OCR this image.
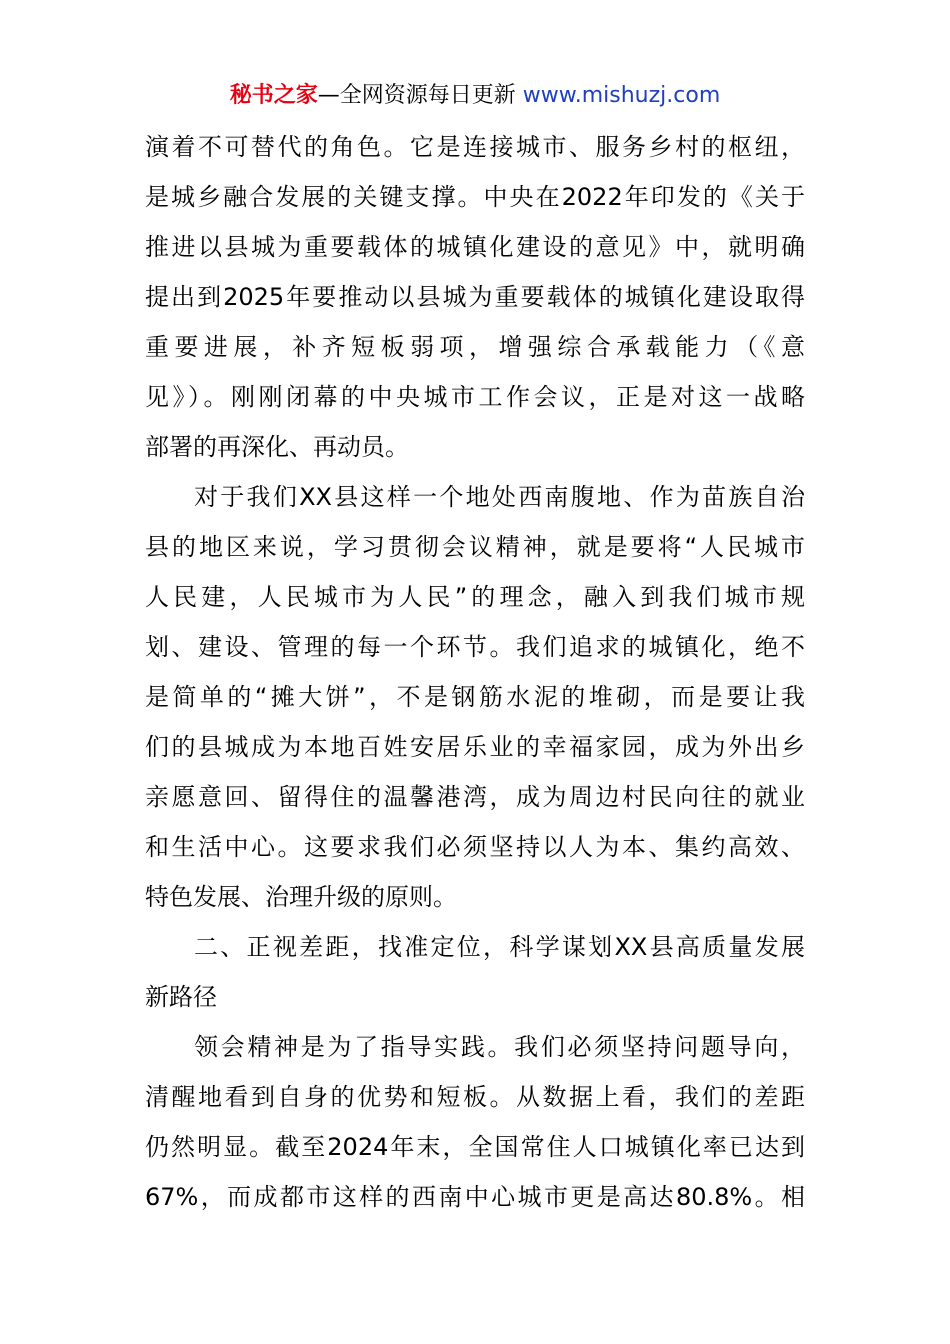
秘书之家—全网资源每日更新 www.mishuzj.com
演着不可替代的角色。它是连接城市、服务乡村的枢纽，
是城乡融合发展的关键支撑。中央在2022年印发的《关于
推进以县城为重要载体的城镇化建设的意见》中，就明确
提出到2025年要推动以县城为重要载体的城镇化建设取得
重要进展，补齐短板弱项，增强综合承载能力（《意
见》）。刚刚闭幕的中央城市工作会议，正是对这一战略
部署的再深化、再动员。
对于我们XX县这样一个地处西南腹地、作为苗族自治
县的地区来说，学习贯彻会议精神，就是要将“人民城市
人民建，人民城市为人民”的理念，融入到我们城市规
划、建设、管理的每一个环节。我们追求的城镇化，绝不
是简单的“摊大饼”，不是钢筋水泥的堆砌，而是要让我
们的县城成为本地百姓安居乐业的幸福家园，成为外出乡
亲愿意回、留得住的温馨港湾，成为周边村民向往的就业
和生活中心。这要求我们必须坚持以人为本、集约高效、
特色发展、治理升级的原则。
二、正视差距，找准定位，科学谋划XX县高质量发展
新路径
领会精神是为了指导实践。我们必须坚持问题导向，
清醒地看到自身的优势和短板。从数据上看，我们的差距
仍然明显。截至2024年末，全国常住人口城镇化率已达到
67%，而成都市这样的西南中心城市更是高达80.8%。相
